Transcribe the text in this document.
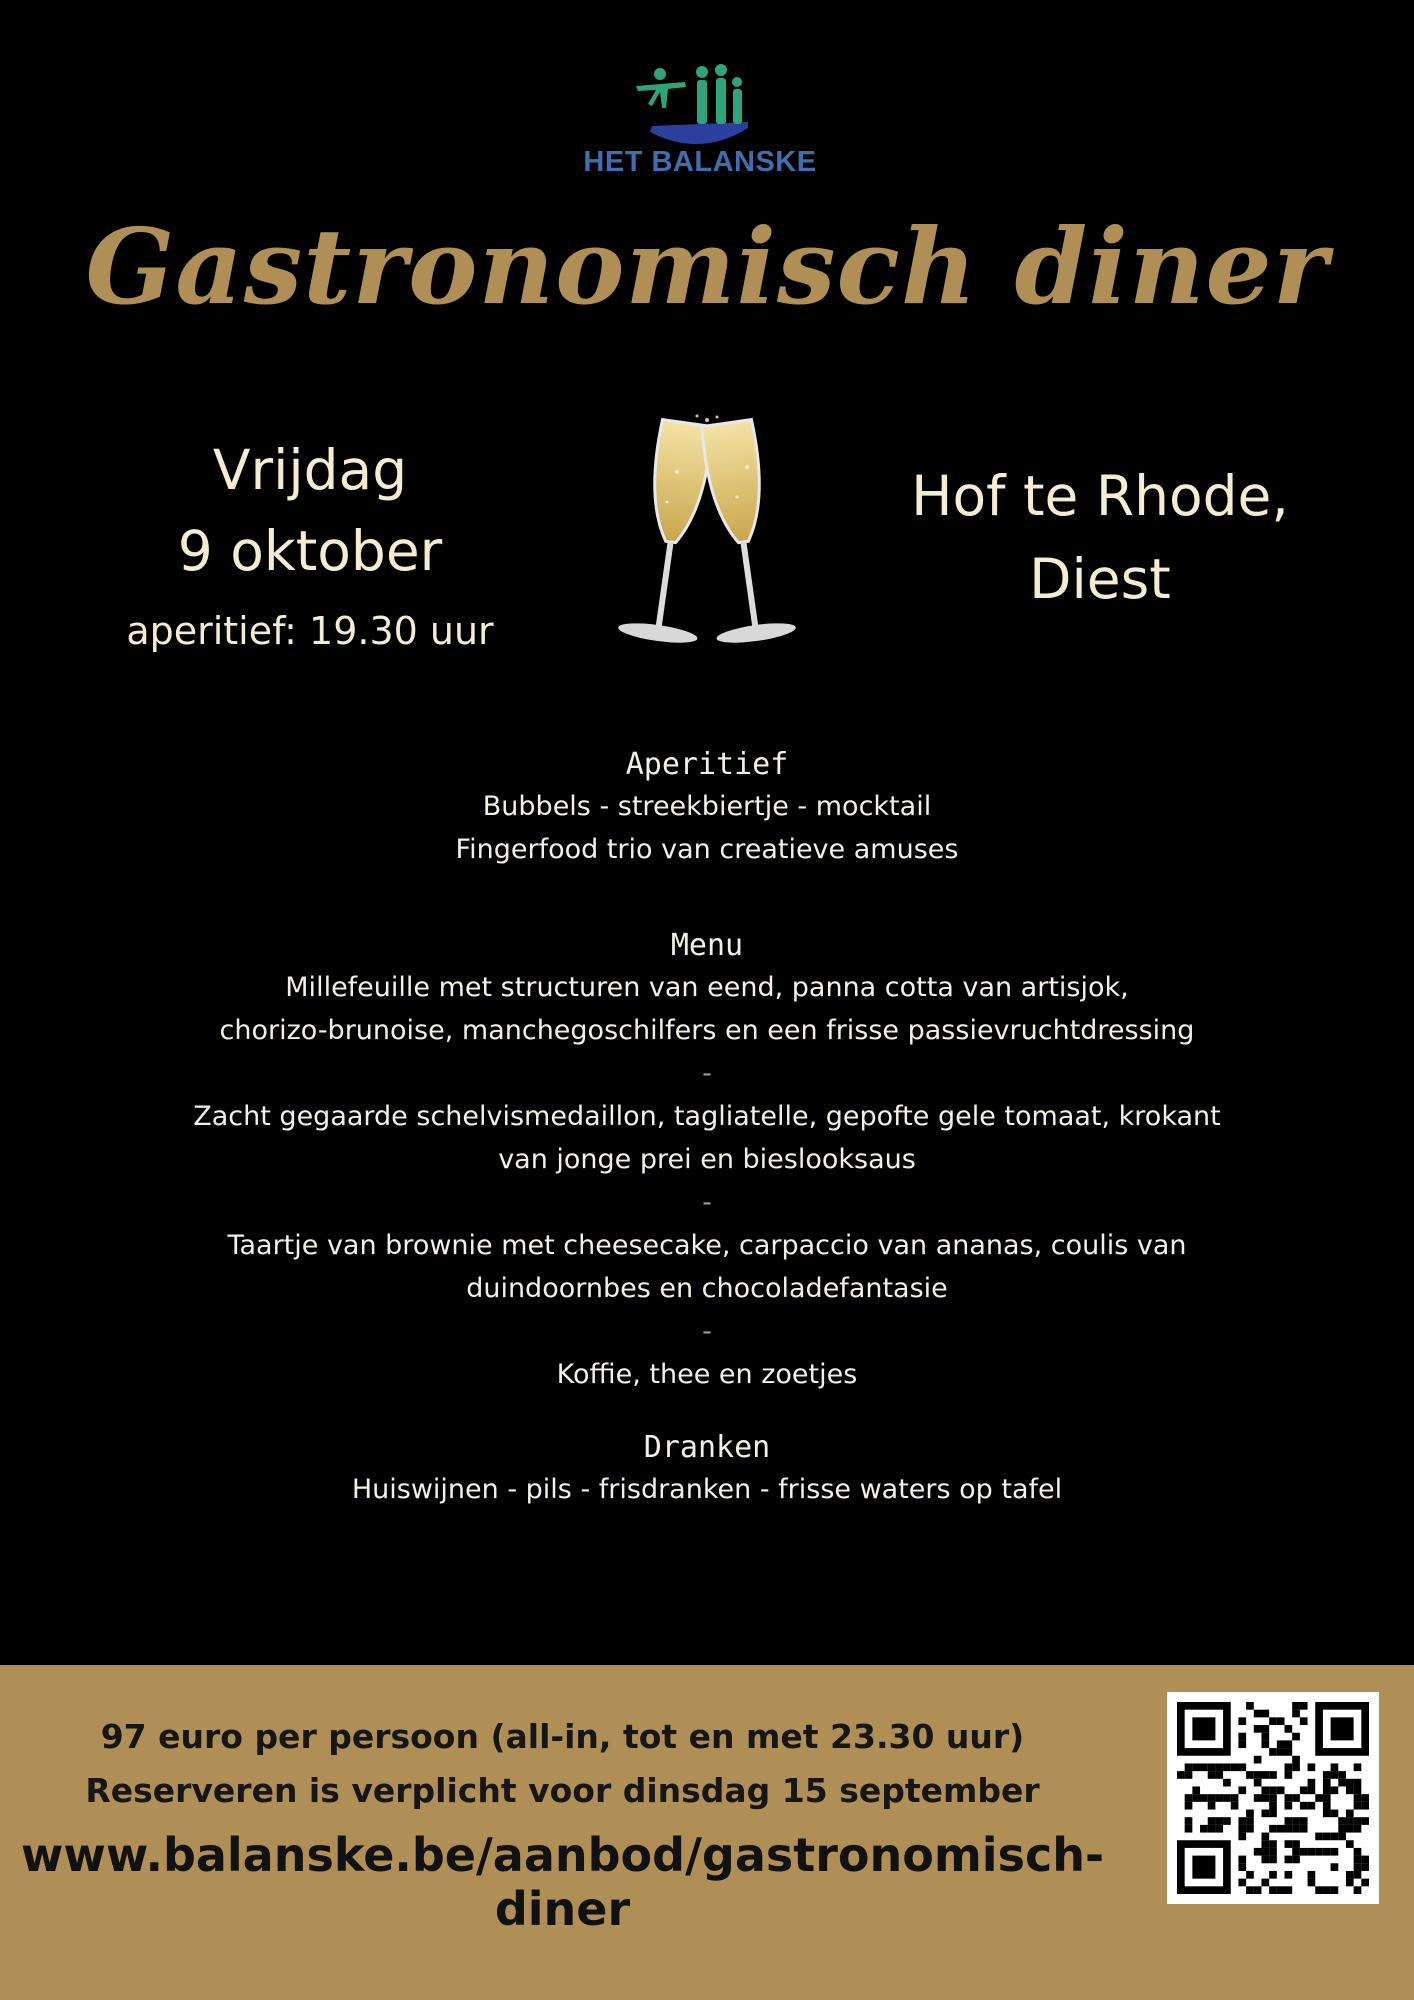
HET BALANSKE
Gastronomisch diner
Vrijdag
9 oktober
aperitief: 19.30 uur
Hof te Rhode,
Diest
Aperitief
Bubbels - streekbiertje - mocktail
Fingerfood trio van creatieve amuses
Menu
Millefeuille met structuren van eend, panna cotta van artisjok,
chorizo-brunoise, manchegoschilfers en een frisse passievruchtdressing
-
Zacht gegaarde schelvismedaillon, tagliatelle, gepofte gele tomaat, krokant
van jonge prei en bieslooksaus
-
Taartje van brownie met cheesecake, carpaccio van ananas, coulis van
duindoornbes en chocoladefantasie
-
Koffie, thee en zoetjes
Dranken
Huiswijnen - pils - frisdranken - frisse waters op tafel
97 euro per persoon (all-in, tot en met 23.30 uur)
Reserveren is verplicht voor dinsdag 15 september
www.balanske.be/aanbod/gastronomisch-diner
